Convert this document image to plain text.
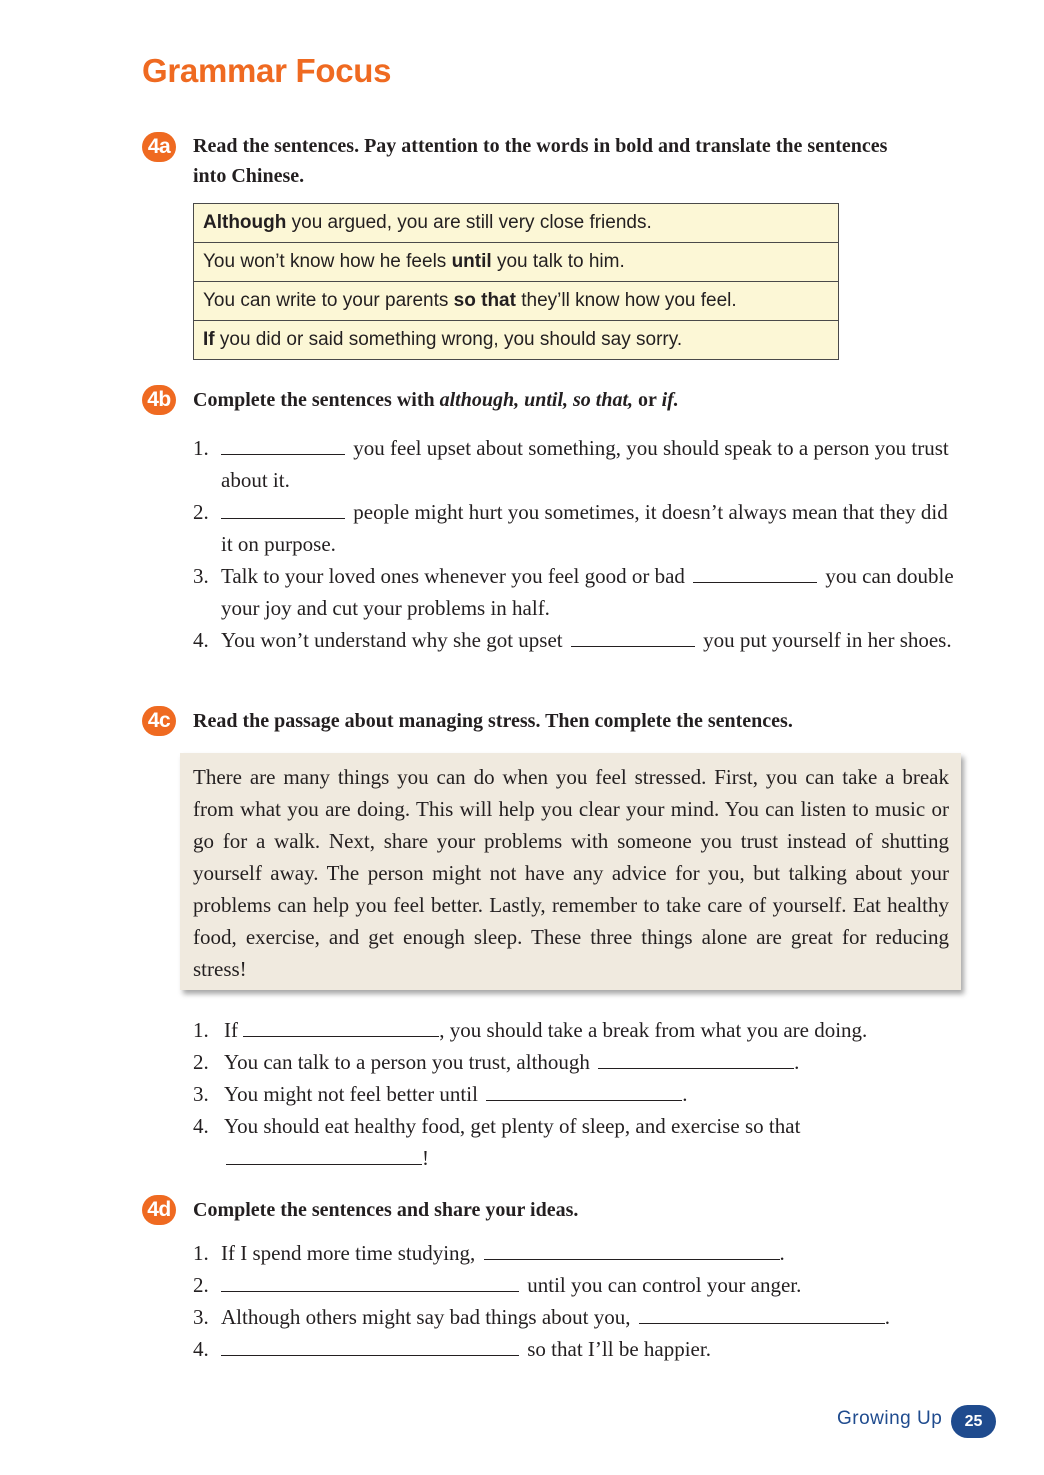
Grammar Focus
4a Read the sentences. Pay attention to the words in bold and translate the sentences into Chinese.
Although you argued, you are still very close friends.
You won’t know how he feels until you talk to him.
You can write to your parents so that they’ll know how you feel.
If you did or said something wrong, you should say sorry.
4b Complete the sentences with although, until, so that, or if.
1.	you feel upset about something, you should speak to a person you trust about it.
2.	people might hurt you sometimes, it doesn’t always mean that they did it on purpose.
3. Talk to your loved ones whenever you feel good or bad	you can double your joy and cut your problems in half.
4. You won’t understand why she got upset	you put yourself in her shoes.
4c Read the passage about managing stress. Then complete the sentences.
There are many things you can do when you feel stressed. First, you can take a break from what you are doing. This will help you clear your mind. You can listen to music or go for a walk. Next, share your problems with someone you trust instead of shutting yourself away. The person might not have any advice for you, but talking about your problems can help you feel better. Lastly, remember to take care of yourself. Eat healthy food, exercise, and get enough sleep. These three things alone are great for reducing stress!
1. If	, you should take a break from what you are doing.
2. You can talk to a person you trust, although	.
3. You might not feel better until	.
4. You should eat healthy food, get plenty of sleep, and exercise so that
!
4d Complete the sentences and share your ideas.
1. If I spend more time studying,	.
2.	until you can control your anger.
3. Although others might say bad things about you,	.
4.	so that I’ll be happier.
Growing Up	25
